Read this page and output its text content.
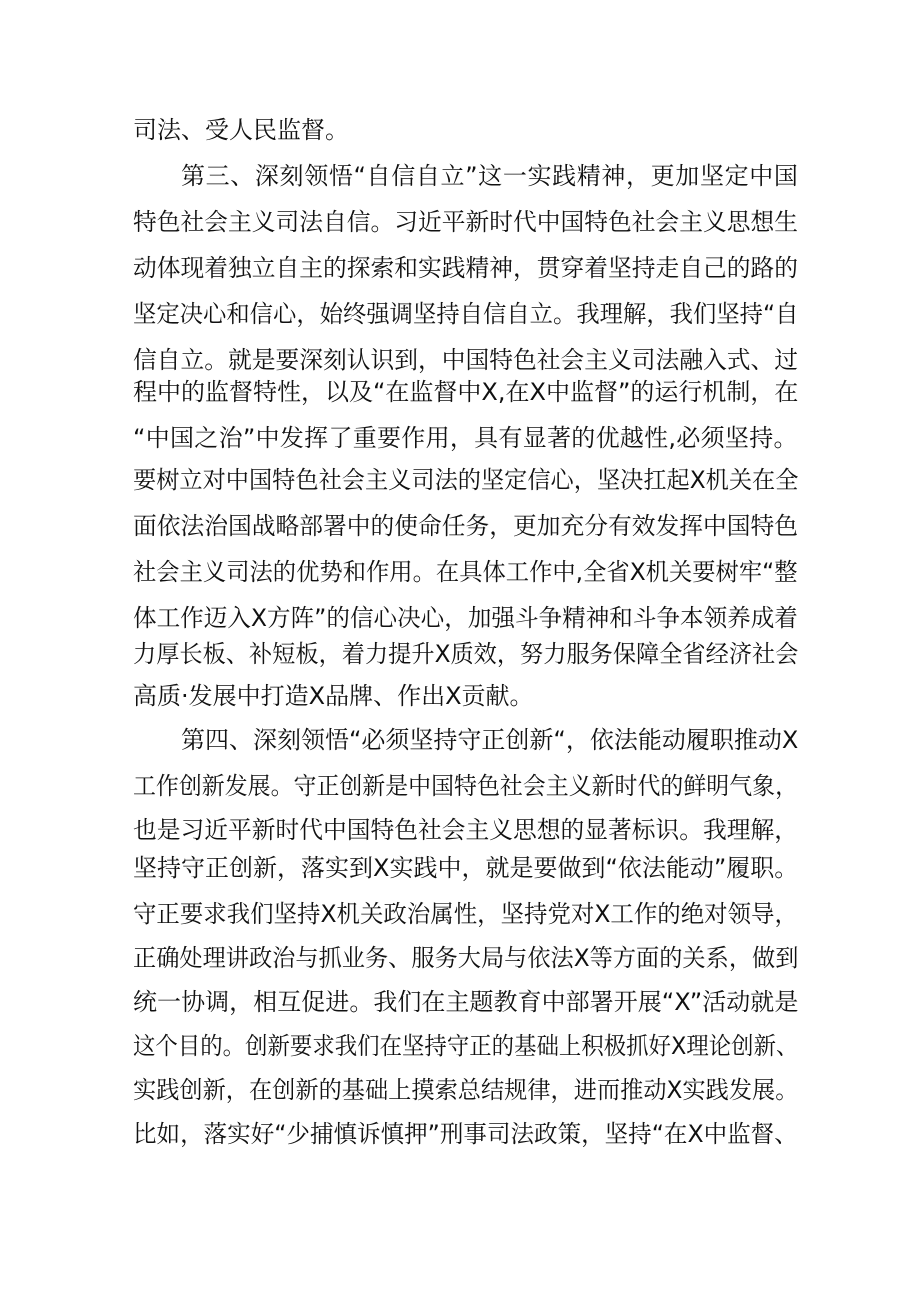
司法、受人民监督。
第三、深刻领悟“自信自立”这一实践精神，更加坚定中国
特色社会主义司法自信。习近平新时代中国特色社会主义思想生
动体现着独立自主的探索和实践精神，贯穿着坚持走自己的路的
坚定决心和信心，始终强调坚持自信自立。我理解，我们坚持“自
信自立。就是要深刻认识到，中国特色社会主义司法融入式、过
程中的监督特性，以及“在监督中X,在X中监督”的运行机制，在
“中国之治”中发挥了重要作用，具有显著的优越性,必须坚持。
要树立对中国特色社会主义司法的坚定信心，坚决扛起X机关在全
面依法治国战略部署中的使命任务，更加充分有效发挥中国特色
社会主义司法的优势和作用。在具体工作中,全省X机关要树牢“整
体工作迈入X方阵”的信心决心，加强斗争精神和斗争本领养成着
力厚长板、补短板，着力提升X质效，努力服务保障全省经济社会
高质·发展中打造X品牌、作出X贡献。
第四、深刻领悟“必须坚持守正创新“，依法能动履职推动X
工作创新发展。守正创新是中国特色社会主义新时代的鲜明气象，
也是习近平新时代中国特色社会主义思想的显著标识。我理解，
坚持守正创新，落实到X实践中，就是要做到“依法能动”履职。
守正要求我们坚持X机关政治属性，坚持党对X工作的绝对领导，
正确处理讲政治与抓业务、服务大局与依法X等方面的关系，做到
统一协调，相互促进。我们在主题教育中部署开展“X”活动就是
这个目的。创新要求我们在坚持守正的基础上积极抓好X理论创新、
实践创新，在创新的基础上摸索总结规律，进而推动X实践发展。
比如，落实好“少捕慎诉慎押”刑事司法政策，坚持“在X中监督、
